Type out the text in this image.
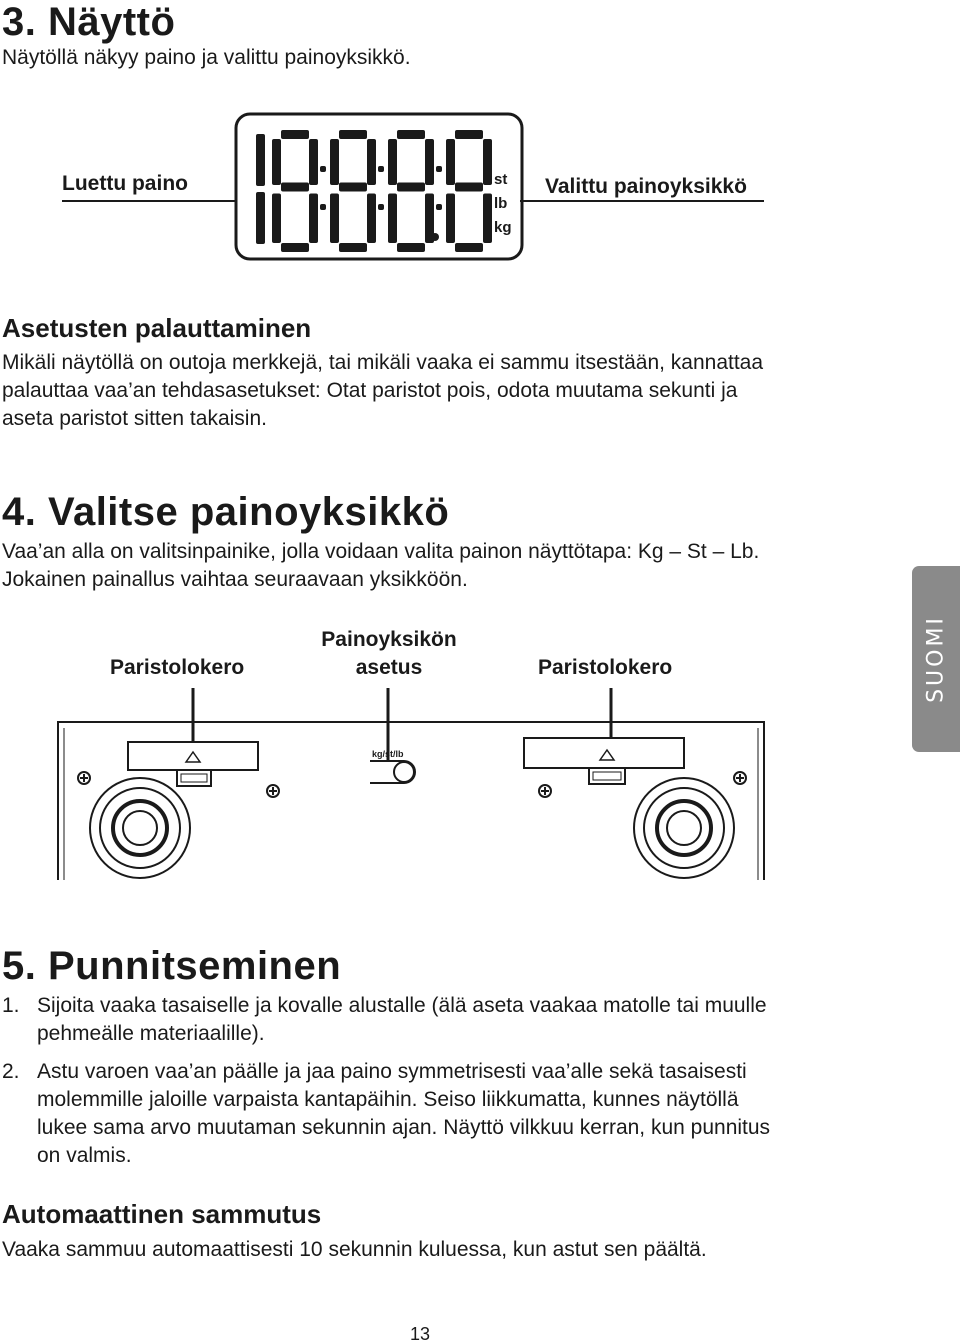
3. Näyttö
Näytöllä näkyy paino ja valittu painoyksikkö.
Luettu paino	st
lb
kg
Valittu painoyksikkö
Asetusten palauttaminen
Mikäli näytöllä on outoja merkkejä, tai mikäli vaaka ei sammu itsestään, kannattaa
palauttaa vaa’an tehdasasetukset: Otat paristot pois, odota muutama sekunti ja
aseta paristot sitten takaisin.
4. Valitse painoyksikkö
Vaa’an alla on valitsinpainike, jolla voidaan valita painon näyttötapa: Kg – St – Lb.
Jokainen painallus vaihtaa seuraavaan yksikköön.
SUOMI
Paristolokero
Painoyksikön
asetus	Paristolokero
kg/st/lb
5. Punnitseminen
1. Sijoita vaaka tasaiselle ja kovalle alustalle (älä aseta vaakaa matolle tai muulle
pehmeälle materiaalille).
2. Astu varoen vaa’an päälle ja jaa paino symmetrisesti vaa’alle sekä tasaisesti
molemmille jaloille varpaista kantapäihin. Seiso liikkumatta, kunnes näytöllä
lukee sama arvo muutaman sekunnin ajan. Näyttö vilkkuu kerran, kun punnitus
on valmis.
Automaattinen sammutus
Vaaka sammuu automaattisesti 10 sekunnin kuluessa, kun astut sen päältä.
13
